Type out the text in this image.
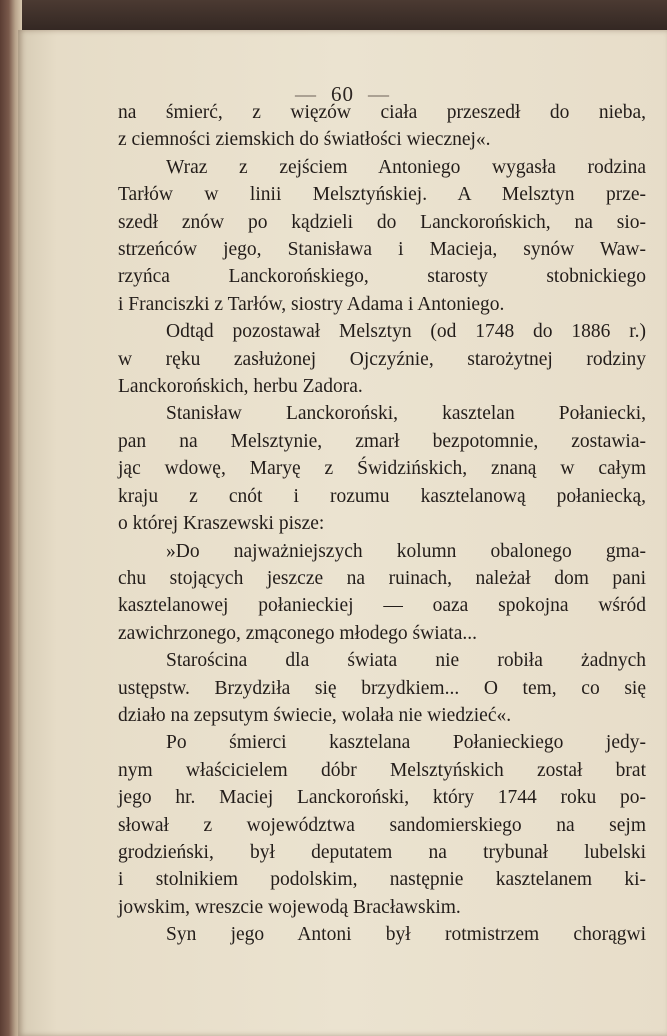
— 60 —
na śmierć, z więzów ciała przeszedł do nieba,
z ciemności ziemskich do światłości wiecznej«.
Wraz z zejściem Antoniego wygasła rodzina
Tarłów w linii Melsztyńskiej. A Melsztyn prze-
szedł znów po kądzieli do Lanckorońskich, na sio-
strzeńców jego, Stanisława i Macieja, synów Waw-
rzyńca Lanckorońskiego, starosty stobnickiego
i Franciszki z Tarłów, siostry Adama i Antoniego.
Odtąd pozostawał Melsztyn (od 1748 do 1886 r.)
w ręku zasłużonej Ojczyźnie, starożytnej rodziny
Lanckorońskich, herbu Zadora.
Stanisław Lanckoroński, kasztelan Połaniecki,
pan na Melsztynie, zmarł bezpotomnie, zostawia-
jąc wdowę, Maryę z Świdzińskich, znaną w całym
kraju z cnót i rozumu kasztelanową połaniecką,
o której Kraszewski pisze:
»Do najważniejszych kolumn obalonego gma-
chu stojących jeszcze na ruinach, należał dom pani
kasztelanowej połanieckiej — oaza spokojna wśród
zawichrzonego, zmąconego młodego świata...
Starościna dla świata nie robiła żadnych
ustępstw. Brzydziła się brzydkiem... O tem, co się
działo na zepsutym świecie, wolała nie wiedzieć«.
Po śmierci kasztelana Połanieckiego jedy-
nym właścicielem dóbr Melsztyńskich został brat
jego hr. Maciej Lanckoroński, który 1744 roku po-
słował z województwa sandomierskiego na sejm
grodzieński, był deputatem na trybunał lubelski
i stolnikiem podolskim, następnie kasztelanem ki-
jowskim, wreszcie wojewodą Bracławskim.
Syn jego Antoni był rotmistrzem chorągwi
